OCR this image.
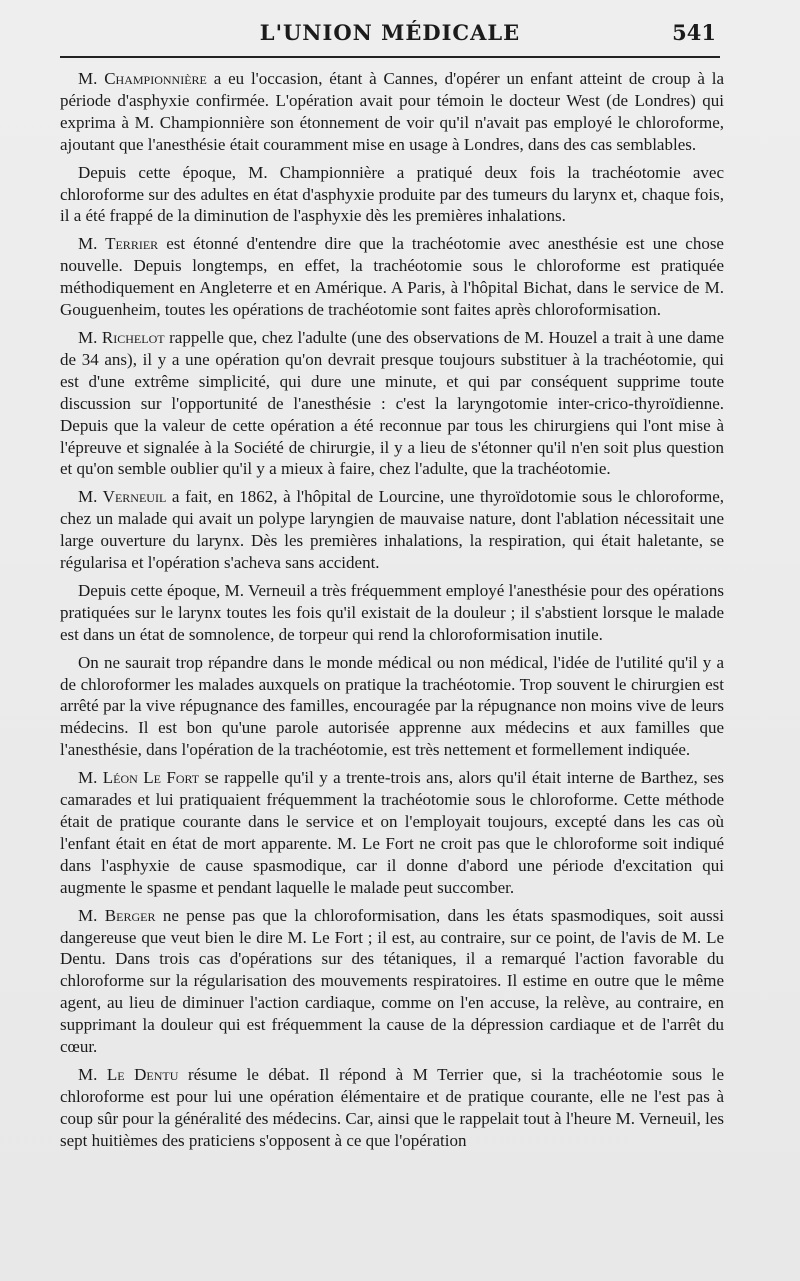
L'UNION MÉDICALE	541

M. Championnière a eu l'occasion, étant à Cannes, d'opérer un enfant atteint de croup à la période d'asphyxie confirmée. L'opération avait pour témoin le docteur West (de Londres) qui exprima à M. Championnière son étonnement de voir qu'il n'avait pas employé le chloroforme, ajoutant que l'anesthésie était couramment mise en usage à Londres, dans des cas semblables.

Depuis cette époque, M. Championnière a pratiqué deux fois la trachéotomie avec chloroforme sur des adultes en état d'asphyxie produite par des tumeurs du larynx et, chaque fois, il a été frappé de la diminution de l'asphyxie dès les premières inhalations.

M. Terrier est étonné d'entendre dire que la trachéotomie avec anesthésie est une chose nouvelle. Depuis longtemps, en effet, la trachéotomie sous le chloroforme est pratiquée méthodiquement en Angleterre et en Amérique. A Paris, à l'hôpital Bichat, dans le service de M. Gouguenheim, toutes les opérations de trachéotomie sont faites après chloroformisation.

M. Richelot rappelle que, chez l'adulte (une des observations de M. Houzel a trait à une dame de 34 ans), il y a une opération qu'on devrait presque toujours substituer à la trachéotomie, qui est d'une extrême simplicité, qui dure une minute, et qui par conséquent supprime toute discussion sur l'opportunité de l'anesthésie : c'est la laryngotomie inter-crico-thyroïdienne. Depuis que la valeur de cette opération a été reconnue par tous les chirurgiens qui l'ont mise à l'épreuve et signalée à la Société de chirurgie, il y a lieu de s'étonner qu'il n'en soit plus question et qu'on semble oublier qu'il y a mieux à faire, chez l'adulte, que la trachéotomie.

M. Verneuil a fait, en 1862, à l'hôpital de Lourcine, une thyroïdotomie sous le chloroforme, chez un malade qui avait un polype laryngien de mauvaise nature, dont l'ablation nécessitait une large ouverture du larynx. Dès les premières inhalations, la respiration, qui était haletante, se régularisa et l'opération s'acheva sans accident.

Depuis cette époque, M. Verneuil a très fréquemment employé l'anesthésie pour des opérations pratiquées sur le larynx toutes les fois qu'il existait de la douleur ; il s'abstient lorsque le malade est dans un état de somnolence, de torpeur qui rend la chloroformisation inutile.

On ne saurait trop répandre dans le monde médical ou non médical, l'idée de l'utilité qu'il y a de chloroformer les malades auxquels on pratique la trachéotomie. Trop souvent le chirurgien est arrêté par la vive répugnance des familles, encouragée par la répugnance non moins vive de leurs médecins. Il est bon qu'une parole autorisée apprenne aux médecins et aux familles que l'anesthésie, dans l'opération de la trachéotomie, est très nettement et formellement indiquée.

M. Léon Le Fort se rappelle qu'il y a trente-trois ans, alors qu'il était interne de Barthez, ses camarades et lui pratiquaient fréquemment la trachéotomie sous le chloroforme. Cette méthode était de pratique courante dans le service et on l'employait toujours, excepté dans les cas où l'enfant était en état de mort apparente. M. Le Fort ne croit pas que le chloroforme soit indiqué dans l'asphyxie de cause spasmodique, car il donne d'abord une période d'excitation qui augmente le spasme et pendant laquelle le malade peut succomber.

M. Berger ne pense pas que la chloroformisation, dans les états spasmodiques, soit aussi dangereuse que veut bien le dire M. Le Fort ; il est, au contraire, sur ce point, de l'avis de M. Le Dentu. Dans trois cas d'opérations sur des tétaniques, il a remarqué l'action favorable du chloroforme sur la régularisation des mouvements respiratoires. Il estime en outre que le même agent, au lieu de diminuer l'action cardiaque, comme on l'en accuse, la relève, au contraire, en supprimant la douleur qui est fréquemment la cause de la dépression cardiaque et de l'arrêt du cœur.

M. Le Dentu résume le débat. Il répond à M Terrier que, si la trachéotomie sous le chloroforme est pour lui une opération élémentaire et de pratique courante, elle ne l'est pas à coup sûr pour la généralité des médecins. Car, ainsi que le rappelait tout à l'heure M. Verneuil, les sept huitièmes des praticiens s'opposent à ce que l'opération
